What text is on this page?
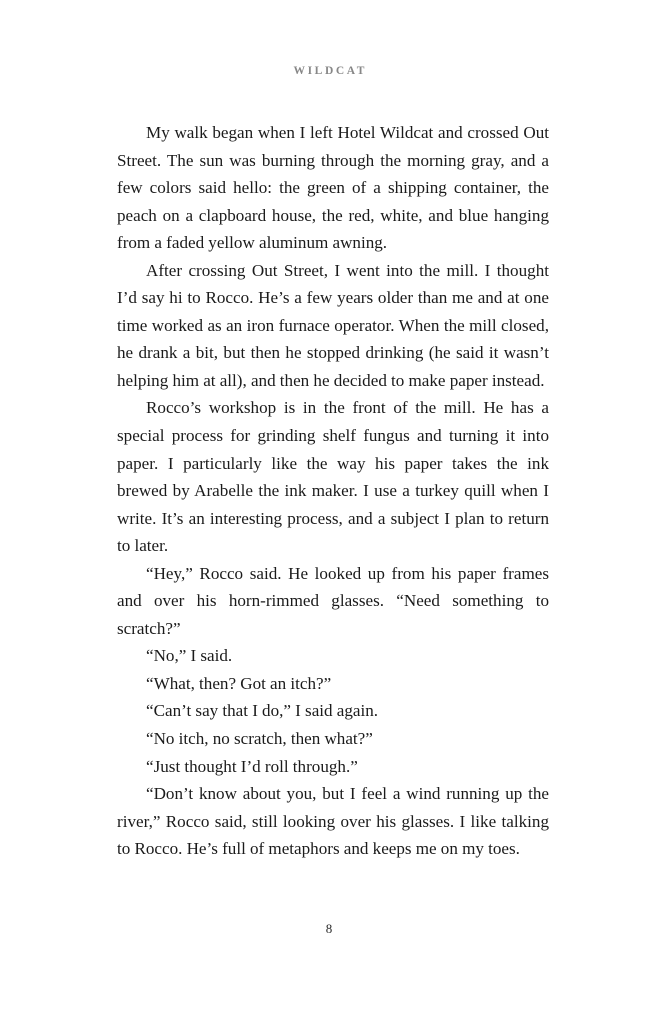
WILDCAT

My walk began when I left Hotel Wildcat and crossed Out Street. The sun was burning through the morning gray, and a few colors said hello: the green of a shipping container, the peach on a clapboard house, the red, white, and blue hanging from a faded yellow aluminum awning.

After crossing Out Street, I went into the mill. I thought I’d say hi to Rocco. He’s a few years older than me and at one time worked as an iron furnace operator. When the mill closed, he drank a bit, but then he stopped drinking (he said it wasn’t helping him at all), and then he decided to make paper instead.

Rocco’s workshop is in the front of the mill. He has a special process for grinding shelf fungus and turning it into paper. I particularly like the way his paper takes the ink brewed by Arabelle the ink maker. I use a turkey quill when I write. It’s an interesting process, and a subject I plan to return to later.

“Hey,” Rocco said. He looked up from his paper frames and over his horn-rimmed glasses. “Need something to scratch?”

“No,” I said.

“What, then? Got an itch?”

“Can’t say that I do,” I said again.

“No itch, no scratch, then what?”

“Just thought I’d roll through.”

“Don’t know about you, but I feel a wind running up the river,” Rocco said, still looking over his glasses. I like talking to Rocco. He’s full of metaphors and keeps me on my toes.

8
